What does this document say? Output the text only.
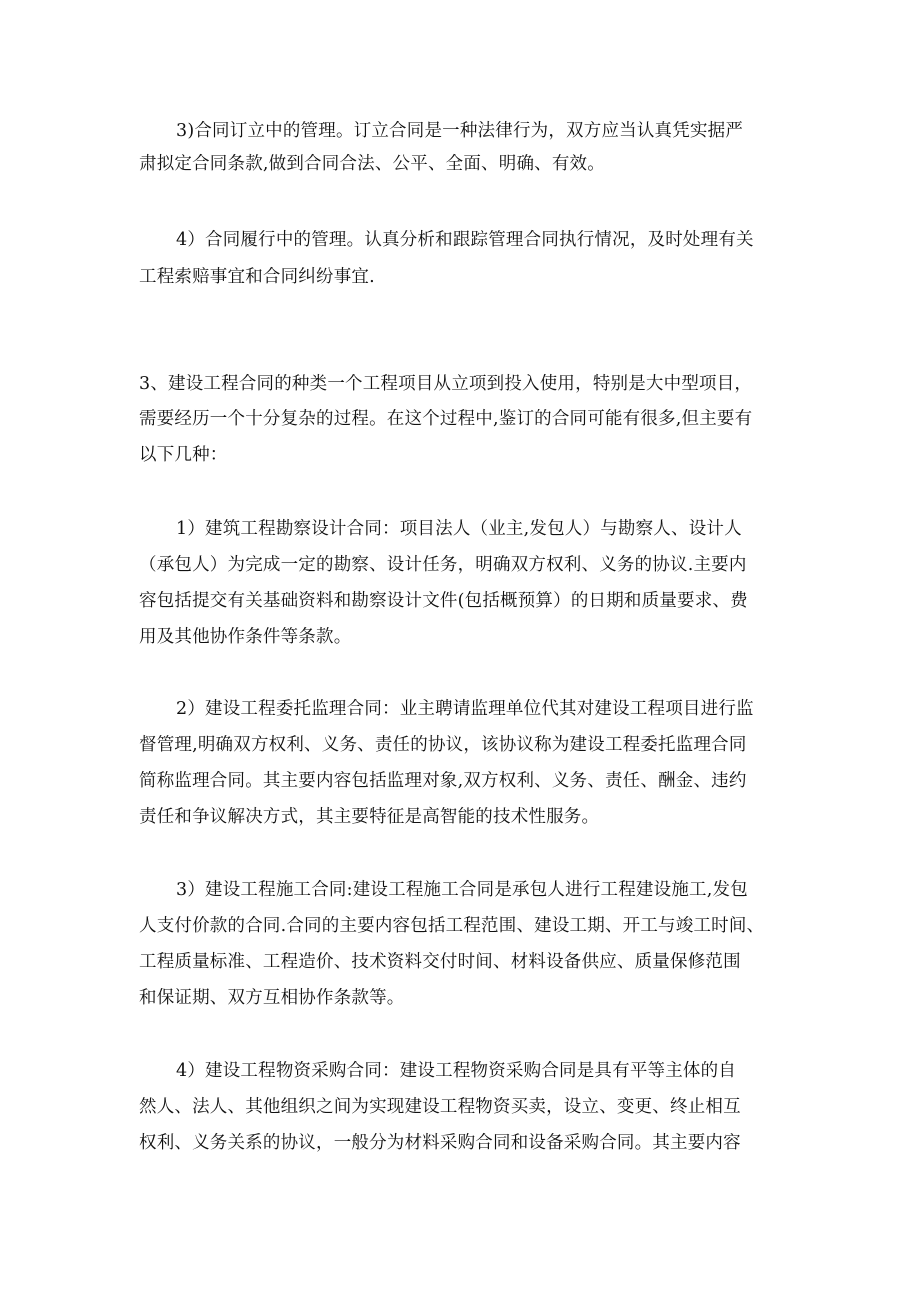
3)合同订立中的管理。订立合同是一种法律行为，双方应当认真凭实据严

肃拟定合同条款,做到合同合法、公平、全面、明确、有效。

4）合同履行中的管理。认真分析和跟踪管理合同执行情况，及时处理有关

工程索赔事宜和合同纠纷事宜.

3、建设工程合同的种类一个工程项目从立项到投入使用，特别是大中型项目，

需要经历一个十分复杂的过程。在这个过程中,鉴订的合同可能有很多,但主要有

以下几种：

1）建筑工程勘察设计合同：项目法人（业主,发包人）与勘察人、设计人

（承包人）为完成一定的勘察、设计任务，明确双方权利、义务的协议.主要内

容包括提交有关基础资料和勘察设计文件(包括概预算）的日期和质量要求、费

用及其他协作条件等条款。

2）建设工程委托监理合同：业主聘请监理单位代其对建设工程项目进行监

督管理,明确双方权利、义务、责任的协议，该协议称为建设工程委托监理合同

简称监理合同。其主要内容包括监理对象,双方权利、义务、责任、酬金、违约

责任和争议解决方式，其主要特征是高智能的技术性服务。

3）建设工程施工合同:建设工程施工合同是承包人进行工程建设施工,发包

人支付价款的合同.合同的主要内容包括工程范围、建设工期、开工与竣工时间、

工程质量标准、工程造价、技术资料交付时间、材料设备供应、质量保修范围

和保证期、双方互相协作条款等。

4）建设工程物资采购合同：建设工程物资采购合同是具有平等主体的自

然人、法人、其他组织之间为实现建设工程物资买卖，设立、变更、终止相互

权利、义务关系的协议，一般分为材料采购合同和设备采购合同。其主要内容
